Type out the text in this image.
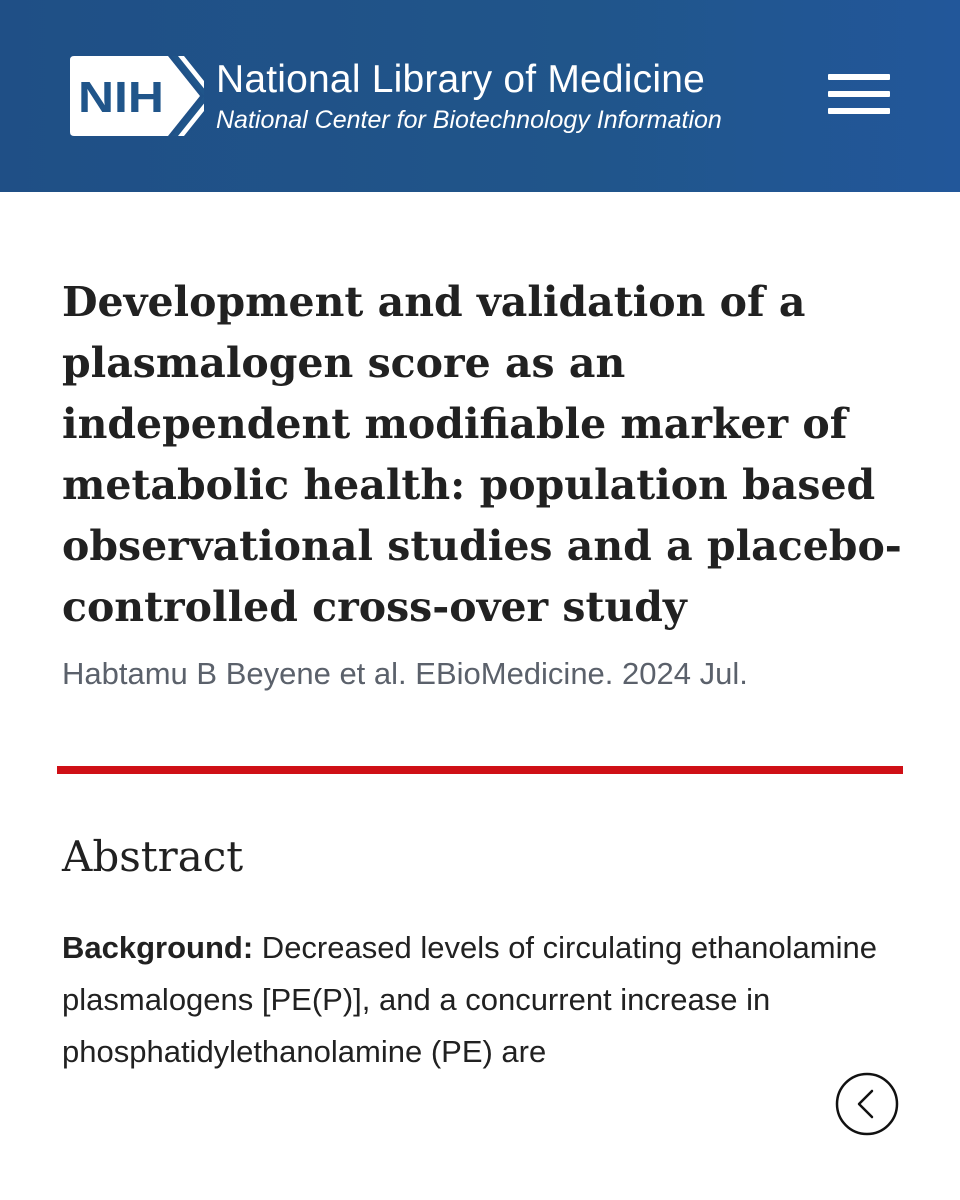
NIH National Library of Medicine
National Center for Biotechnology Information
Development and validation of a plasmalogen score as an independent modifiable marker of metabolic health: population based observational studies and a placebo-controlled cross-over study
Habtamu B Beyene et al. EBioMedicine. 2024 Jul.
Abstract

Background: Decreased levels of circulating ethanolamine plasmalogens [PE(P)], and a concurrent increase in phosphatidylethanolamine (PE) are
